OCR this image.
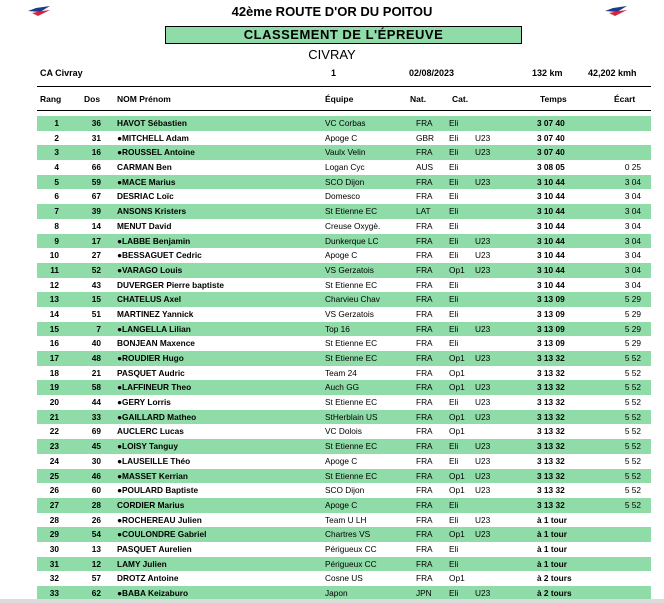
42ème ROUTE D'OR DU POITOU
CLASSEMENT DE L'ÉPREUVE
CIVRAY
CA Civray	1	02/08/2023	132 km	42,202 kmh
Rang	Dos NOM Prénom	Équipe	Nat.	Cat.	Temps	Écart
1	36 HAVOT Sébastien	VC Corbas	FRA Eli	3 07 40
2	31 ●MITCHELL Adam	Apoge C	GBR Eli U23	3 07 40
3	16 ●ROUSSEL Antoine	Vaulx Velin	FRA Eli U23	3 07 40
4	66 CARMAN Ben	Logan Cyc	AUS Eli	3 08 05	0 25
5	59 ●MACE Marius	SCO Dijon	FRA Eli U23	3 10 44	3 04
6	67 DESRIAC Loïc	Domesco	FRA Eli	3 10 44	3 04
7	39 ANSONS Kristers	St Etienne EC	LAT Eli	3 10 44	3 04
8	14 MENUT David	Creuse Oxygè.	FRA Eli	3 10 44	3 04
9	17 ●LABBE Benjamin	Dunkerque LC	FRA Eli U23	3 10 44	3 04
10	27 ●BESSAGUET Cedric	Apoge C	FRA Eli U23	3 10 44	3 04
11	52 ●VARAGO Louis	VS Gerzatois	FRA Op1 U23	3 10 44	3 04
12	43 DUVERGER Pierre baptiste	St Etienne EC	FRA Eli	3 10 44	3 04
13	15 CHATELUS Axel	Charvieu Chav	FRA Eli	3 13 09	5 29
14	51 MARTINEZ Yannick	VS Gerzatois	FRA Eli	3 13 09	5 29
15	7 ●LANGELLA Lilian	Top 16	FRA Eli U23	3 13 09	5 29
16	40 BONJEAN Maxence	St Etienne EC	FRA Eli	3 13 09	5 29
17	48 ●ROUDIER Hugo	St Etienne EC	FRA Op1 U23	3 13 32	5 52
18	21 PASQUET Audric	Team 24	FRA Op1	3 13 32	5 52
19	58 ●LAFFINEUR Theo	Auch GG	FRA Op1 U23	3 13 32	5 52
20	44 ●GERY Lorris	St Etienne EC	FRA Eli U23	3 13 32	5 52
21	33 ●GAILLARD Matheo	StHerblain US	FRA Op1 U23	3 13 32	5 52
22	69 AUCLERC Lucas	VC Dolois	FRA Op1	3 13 32	5 52
23	45 ●LOISY Tanguy	St Etienne EC	FRA Eli U23	3 13 32	5 52
24	30 ●LAUSEILLE Théo	Apoge C	FRA Eli U23	3 13 32	5 52
25	46 ●MASSET Kerrian	St Etienne EC	FRA Op1 U23	3 13 32	5 52
26	60 ●POULARD Baptiste	SCO Dijon	FRA Op1 U23	3 13 32	5 52
27	28 CORDIER Marius	Apoge C	FRA Eli	3 13 32	5 52
28	26 ●ROCHEREAU Julien	Team U LH	FRA Eli U23	à 1 tour
29	54 ●COULONDRE Gabriel	Chartres VS	FRA Op1 U23	à 1 tour
30	13 PASQUET Aurelien	Périgueux CC	FRA Eli	à 1 tour
31	12 LAMY Julien	Périgueux CC	FRA Eli	à 1 tour
32	57 DROTZ Antoine	Cosne US	FRA Op1	à 2 tours
33	62 ●BABA Keizaburo	Japon	JPN Eli U23	à 2 tours
